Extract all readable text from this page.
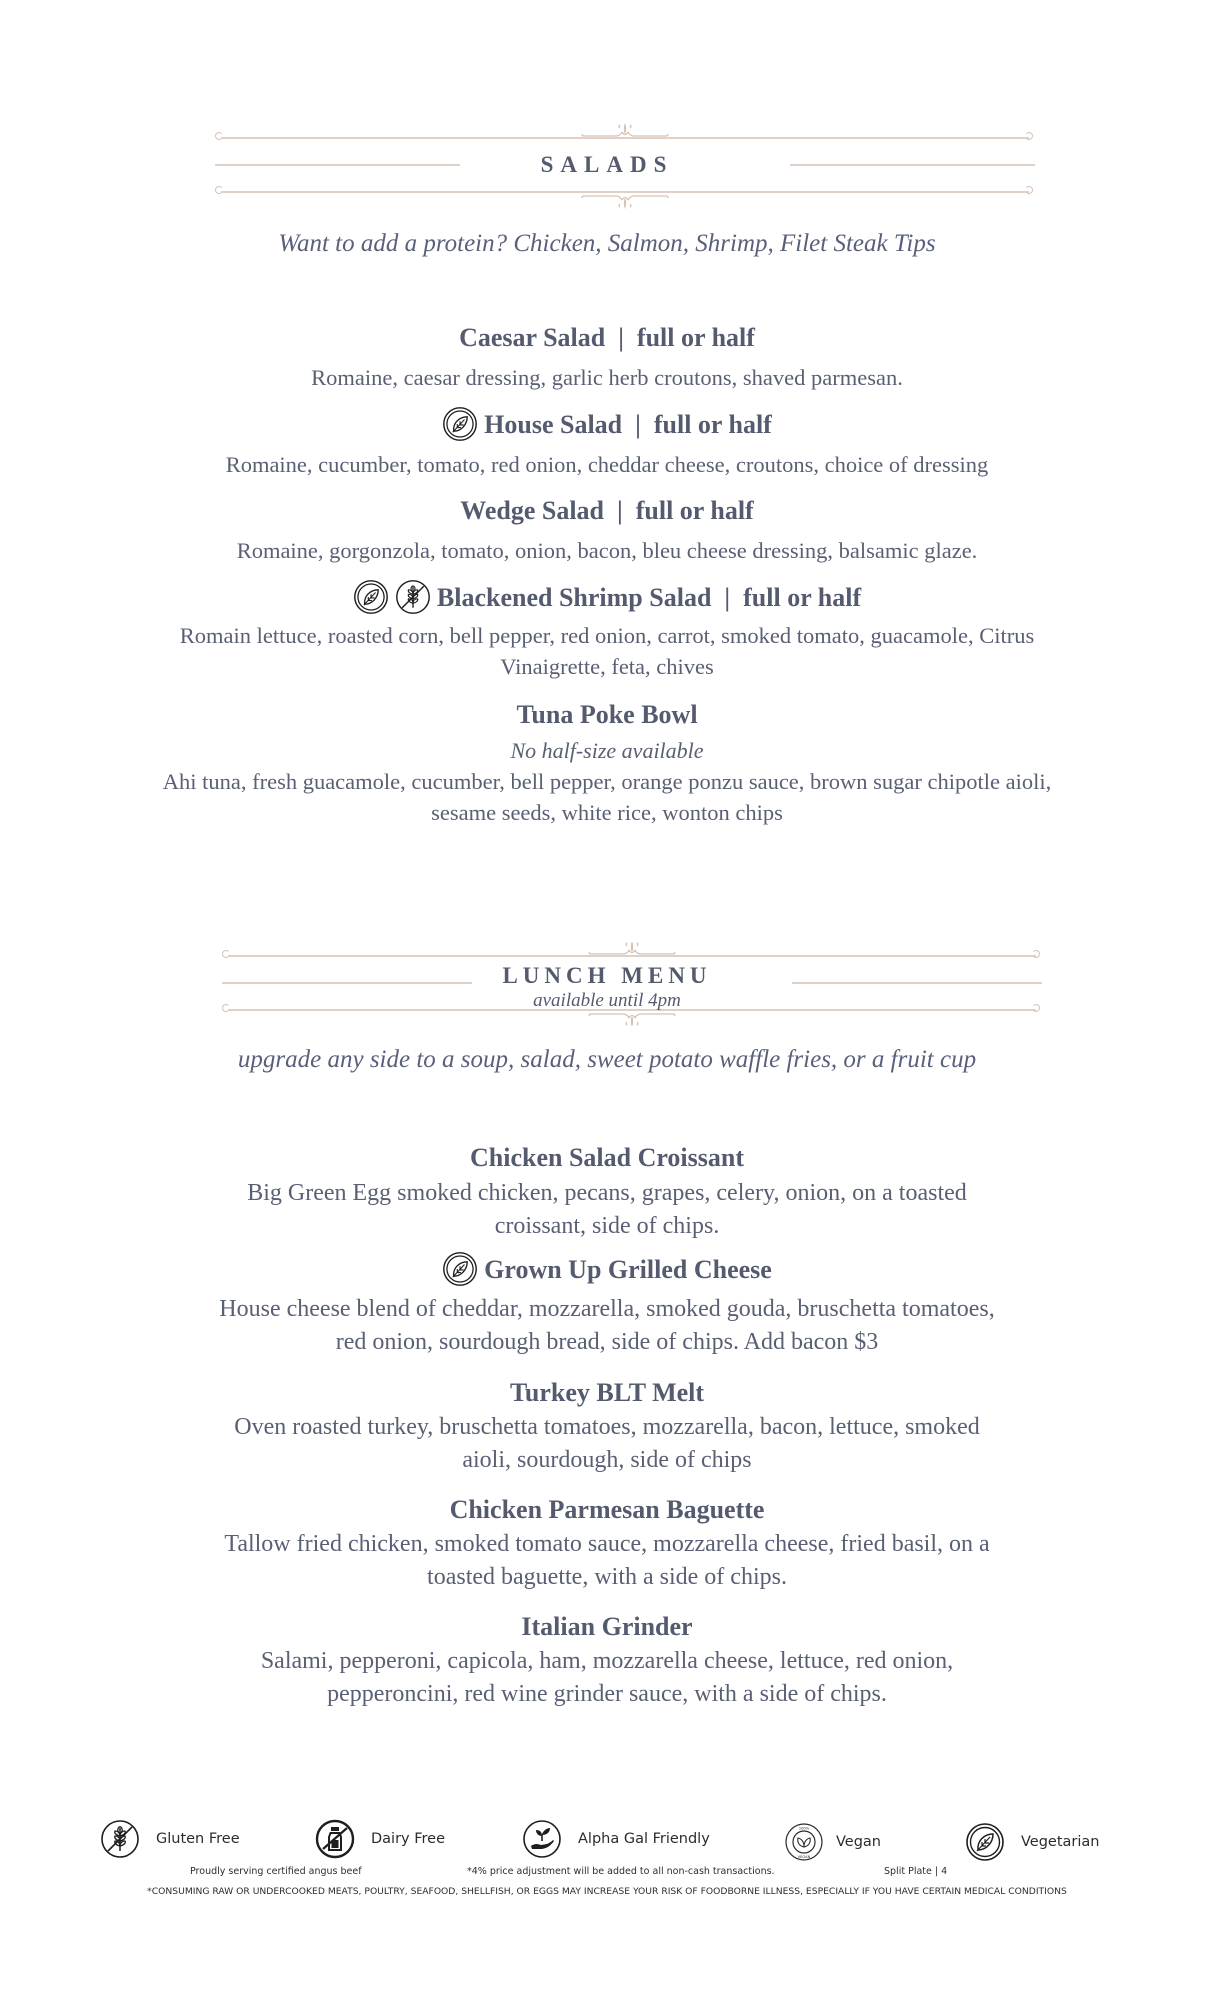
SALADS
Want to add a protein? Chicken, Salmon, Shrimp, Filet Steak Tips
Caesar Salad  |  full or half
Romaine, caesar dressing, garlic herb croutons, shaved parmesan.
House Salad  |  full or half
Romaine, cucumber, tomato, red onion, cheddar cheese, croutons, choice of dressing
Wedge Salad  |  full or half
Romaine, gorgonzola, tomato, onion, bacon, bleu cheese dressing, balsamic glaze.
Blackened Shrimp Salad  |  full or half
Romain lettuce, roasted corn, bell pepper, red onion, carrot, smoked tomato, guacamole, Citrus
Vinaigrette, feta, chives
Tuna Poke Bowl
No half-size available
Ahi tuna, fresh guacamole, cucumber, bell pepper, orange ponzu sauce, brown sugar chipotle aioli,
sesame seeds, white rice, wonton chips
LUNCH MENU
available until 4pm
upgrade any side to a soup, salad, sweet potato waffle fries, or a fruit cup
Chicken Salad Croissant
Big Green Egg smoked chicken, pecans, grapes, celery, onion, on a toasted
croissant, side of chips.
Grown Up Grilled Cheese
House cheese blend of cheddar, mozzarella, smoked gouda, bruschetta tomatoes,
red onion, sourdough bread, side of chips. Add bacon $3
Turkey BLT Melt
Oven roasted turkey, bruschetta tomatoes, mozzarella, bacon, lettuce, smoked
aioli, sourdough, side of chips
Chicken Parmesan Baguette
Tallow fried chicken, smoked tomato sauce, mozzarella cheese, fried basil, on a
toasted baguette, with a side of chips.
Italian Grinder
Salami, pepperoni, capicola, ham, mozzarella cheese, lettuce, red onion,
pepperoncini, red wine grinder sauce, with a side of chips.
Gluten Free	Dairy Free	Alpha Gal Friendly	Vegan	Vegetarian
Proudly serving certified angus beef	*4% price adjustment will be added to all non-cash transactions.	Split Plate | 4
*CONSUMING RAW OR UNDERCOOKED MEATS, POULTRY, SEAFOOD, SHELLFISH, OR EGGS MAY INCREASE YOUR RISK OF FOODBORNE ILLNESS, ESPECIALLY IF YOU HAVE CERTAIN MEDICAL CONDITIONS
